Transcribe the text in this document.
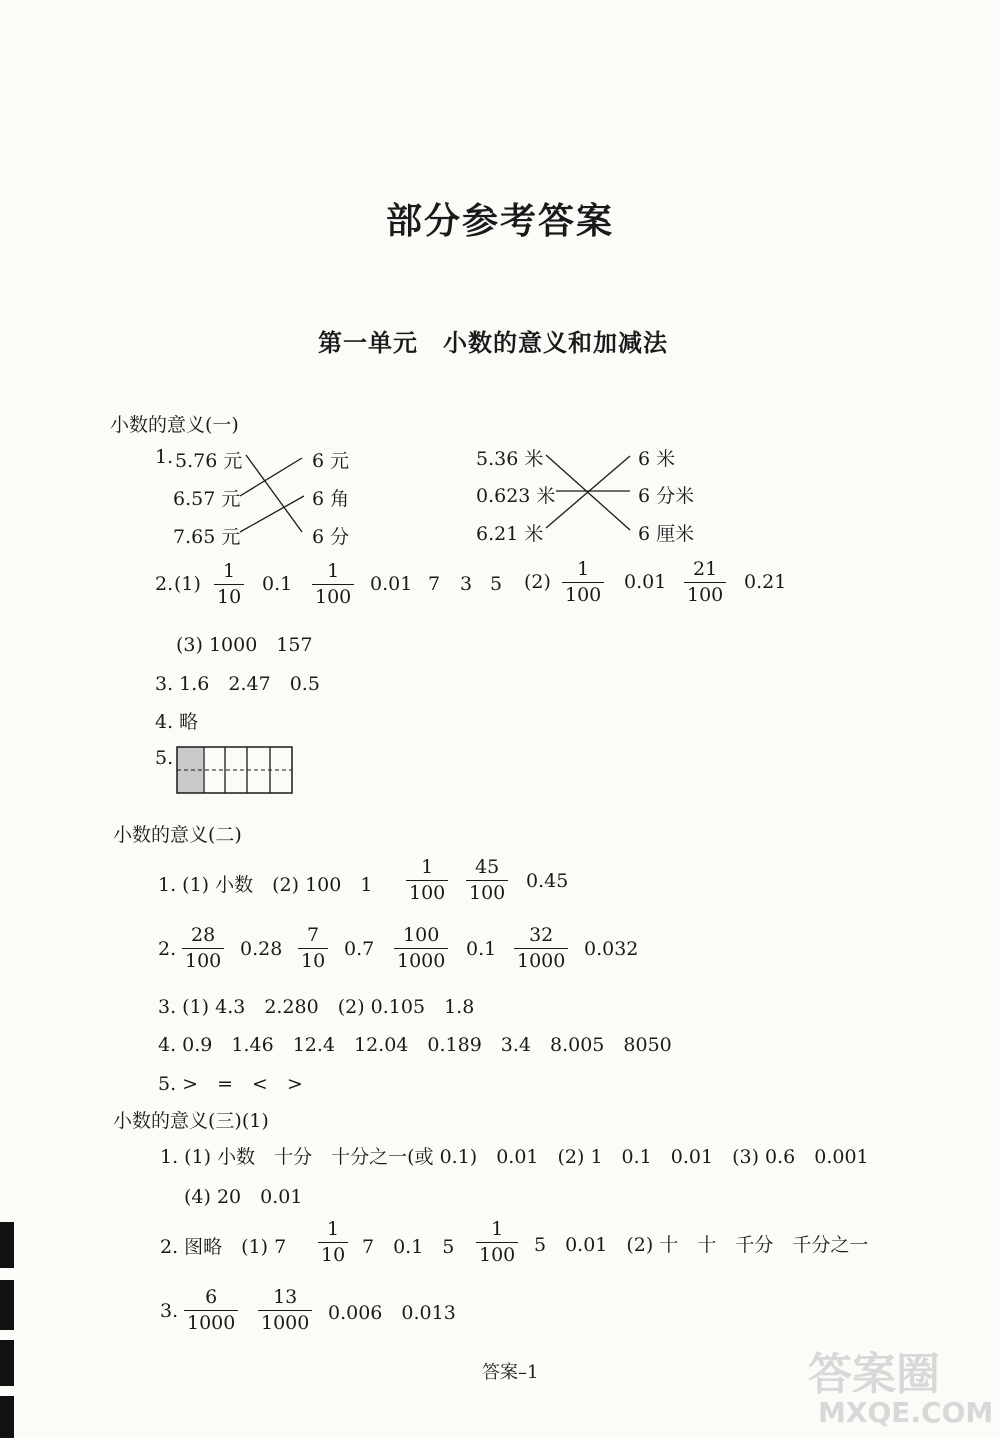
部分参考答案
第一单元　小数的意义和加减法
小数的意义(一)
1. 5.76 元
6.57 元
7.65 元
6 元
6 角
6 分
5.36 米
0.623 米
6.21 米
6 米
6 分米
6 厘米
2. $(1) \frac{1}{10} 0.1 \frac{1}{100} 0.01$ 7 3 5 $(2) \frac{1}{100} 0.01 \frac{21}{100} 0.21$
(3) 1000　157
3. 1.6　2.47　0.5
4. 略
5.
小数的意义(二)
1. (1) 小数　(2) 100　$1 \frac{1}{100} \frac{45}{100} 0.45$
2. $\frac{28}{100} 0.28 \frac{7}{10} 0.7 \frac{100}{1000} 0.1 \frac{32}{1000} 0.032$
3. (1) 4.3　2.280　(2) 0.105　1.8
4. 0.9　1.46　12.4　12.04　0.189　3.4　8.005　8050
5. >　=　<　>
小数的意义(三)(1)
1. (1) 小数　十分　十分之一(或 0.1)　0.01　(2) 1　0.1　0.01　(3) 0.6　0.001
(4) 20　0.01
2. 图略　(1) $7 \frac{1}{10} 7$　0.1　$5 \frac{1}{100} 5$　0.01　(2) 十　十　千分　千分之一
3. $\frac{6}{1000} \frac{13}{1000} 0.006$　0.013
答案–1	答案圈
MXQE.COM
